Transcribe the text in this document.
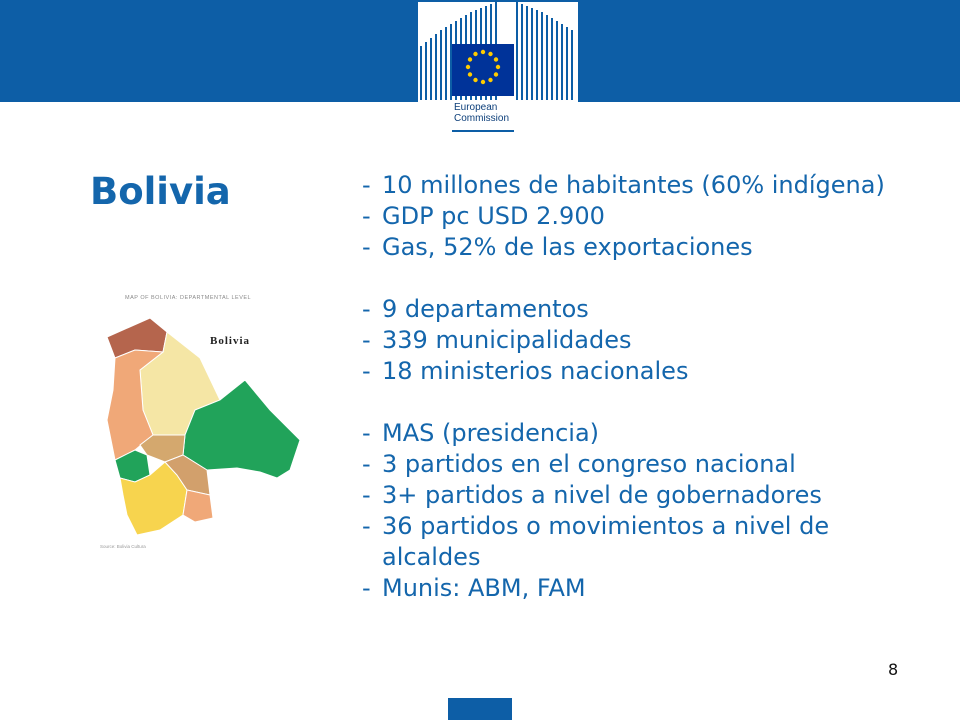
European
Commission
Bolivia
MAP OF BOLIVIA: DEPARTMENTAL LEVEL
Bolivia
Source: Bolivia Cultura
- 10 millones de habitantes (60% indígena)
- GDP pc USD 2.900
- Gas, 52% de las exportaciones
- 9 departamentos
- 339 municipalidades
- 18 ministerios nacionales
- MAS (presidencia)
- 3 partidos en el congreso nacional
- 3+ partidos a nivel de gobernadores
- 36 partidos o movimientos a nivel de alcaldes
- Munis: ABM, FAM
8
